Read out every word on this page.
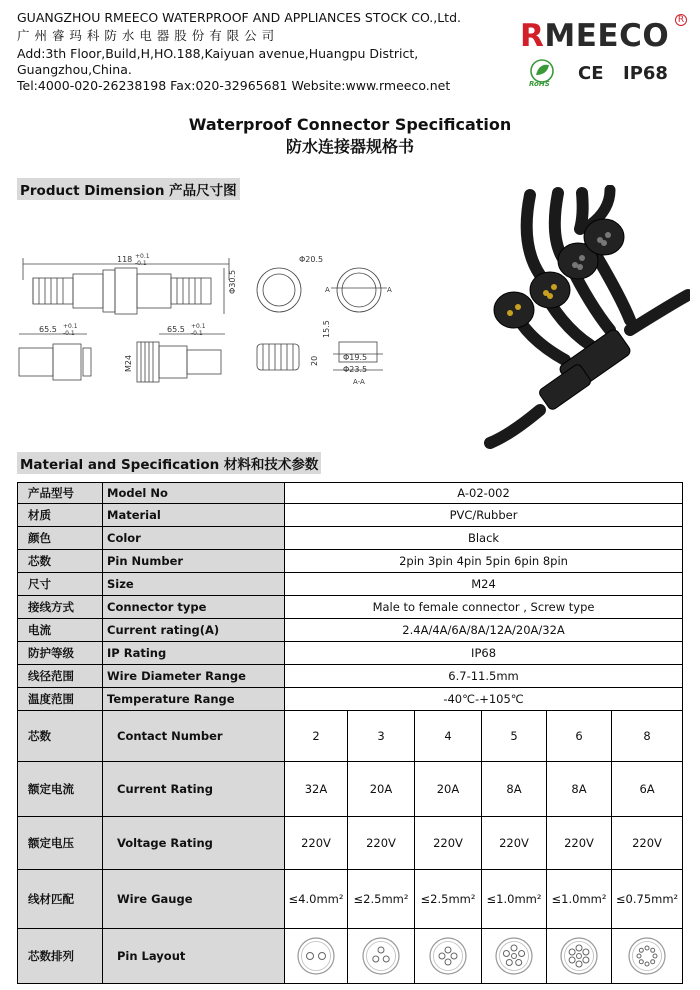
GUANGZHOU RMEECO WATERPROOF AND APPLIANCES STOCK CO.,Ltd.
广 州 睿 玛 科 防 水 电 器 股 份 有 限 公 司
Add:3th Floor,Build,H,HO.188,Kaiyuan avenue,Huangpu District,
Guangzhou,China.
Tel:4000-020-26238198 Fax:020-32965681 Website:www.rmeeco.net
RMEECO R
RoHS CE IP68
Waterproof Connector Specification
防水连接器规格书
Product Dimension 产品尺寸图
118 +0.1
-0.1
Φ30.5
Φ20.5
RMEECO
65.5 +0.1
-0.1	65.5 +0.1
-0.1
M24
15.5
20	Φ19.5
Φ23.5
A-A
A	A
Material and Specification 材料和技术参数
产品型号	Model No	A-02-002					
材质	Material	PVC/Rubber					
颜色	Color	Black					
芯数	Pin Number	2pin 3pin 4pin 5pin 6pin 8pin					
尺寸	Size	M24					
接线方式	Connector type	Male to female connector , Screw type					
电流	Current rating(A)	2.4A/4A/6A/8A/12A/20A/32A					
防护等级	IP Rating	IP68					
线径范围	Wire Diameter Range	6.7-11.5mm					
温度范围	Temperature Range	-40℃-+105℃					
芯数	Contact Number	2	3	4	5	6	8
额定电流	Current Rating	32A	20A	20A	8A	8A	6A
额定电压	Voltage Rating	220V	220V	220V	220V	220V	220V
线材匹配	Wire Gauge	≤4.0mm²	≤2.5mm²	≤2.5mm²	≤1.0mm²	≤1.0mm²	≤0.75mm²
芯数排列	Pin Layout	
